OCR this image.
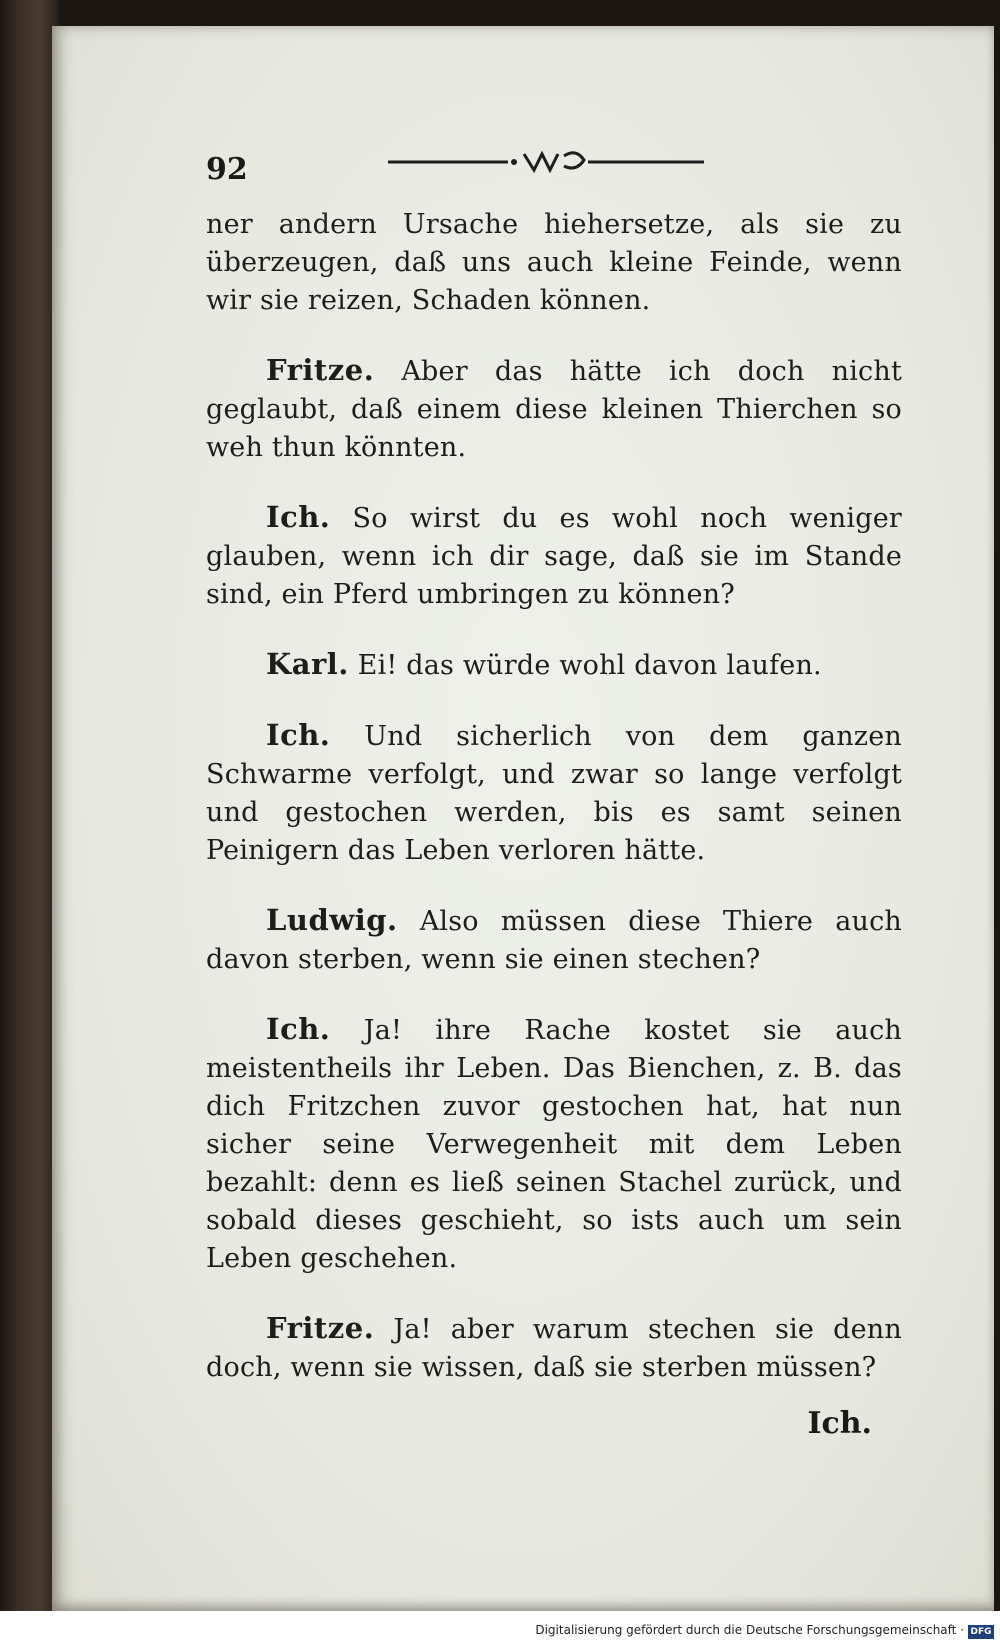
92

ner andern Ursache hiehersetze, als sie zu überzeugen, daß uns auch kleine Feinde, wenn wir sie reizen, Schaden können.

Fritze. Aber das hätte ich doch nicht geglaubt, daß einem diese kleinen Thierchen so weh thun könnten.

Ich. So wirst du es wohl noch weniger glauben, wenn ich dir sage, daß sie im Stande sind, ein Pferd umbringen zu können?

Karl. Ei! das würde wohl davon laufen.

Ich. Und sicherlich von dem ganzen Schwarme verfolgt, und zwar so lange verfolgt und gestochen werden, bis es samt seinen Peinigern das Leben verloren hätte.

Ludwig. Also müssen diese Thiere auch davon sterben, wenn sie einen stechen?

Ich. Ja! ihre Rache kostet sie auch meistentheils ihr Leben. Das Bienchen, z. B. das dich Fritzchen zuvor gestochen hat, hat nun sicher seine Verwegenheit mit dem Leben bezahlt: denn es ließ seinen Stachel zurück, und sobald dieses geschieht, so ists auch um sein Leben geschehen.

Fritze. Ja! aber warum stechen sie denn doch, wenn sie wissen, daß sie sterben müssen?

Ich.
Digitalisierung gefördert durch die Deutsche Forschungsgemeinschaft · DFG
